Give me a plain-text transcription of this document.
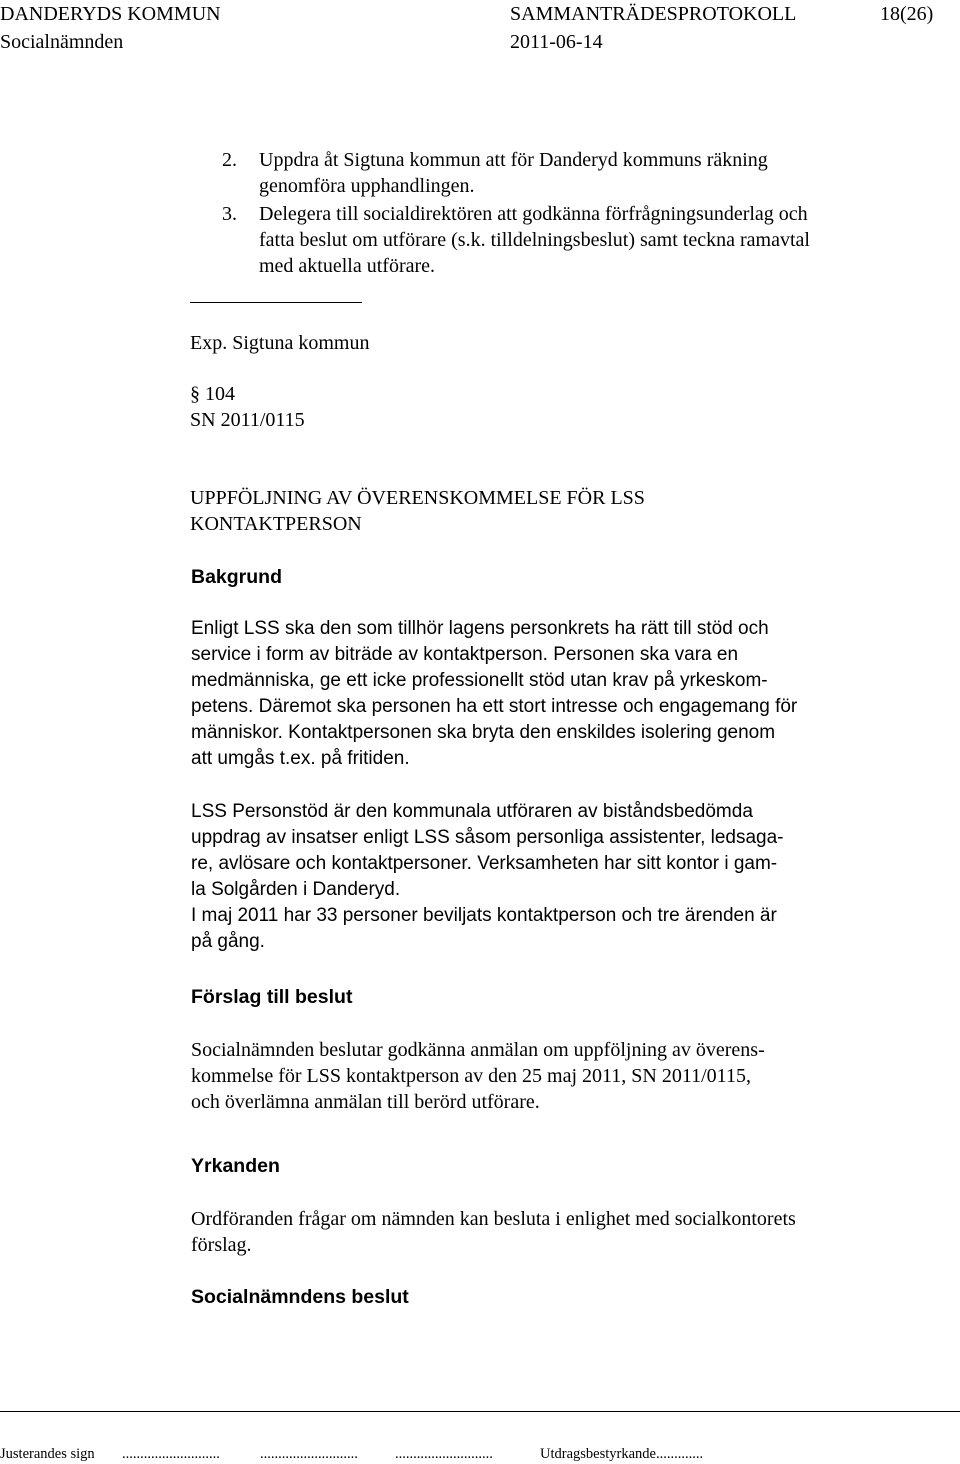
DANDERYDS KOMMUN	SAMMANTRÄDESPROTOKOLL	18(26)
Socialnämnden	2011-06-14
2. Uppdra åt Sigtuna kommun att för Danderyd kommuns räkning
genomföra upphandlingen.
3. Delegera till socialdirektören att godkänna förfrågningsunderlag och
fatta beslut om utförare (s.k. tilldelningsbeslut) samt teckna ramavtal
med aktuella utförare.
Exp. Sigtuna kommun
§ 104
SN 2011/0115
UPPFÖLJNING AV ÖVERENSKOMMELSE FÖR LSS
KONTAKTPERSON
Bakgrund
Enligt LSS ska den som tillhör lagens personkrets ha rätt till stöd och
service i form av biträde av kontaktperson. Personen ska vara en
medmänniska, ge ett icke professionellt stöd utan krav på yrkeskom-
petens. Däremot ska personen ha ett stort intresse och engagemang för
människor. Kontaktpersonen ska bryta den enskildes isolering genom
att umgås t.ex. på fritiden.
LSS Personstöd är den kommunala utföraren av biståndsbedömda
uppdrag av insatser enligt LSS såsom personliga assistenter, ledsaga-
re, avlösare och kontaktpersoner. Verksamheten har sitt kontor i gam-
la Solgården i Danderyd.
I maj 2011 har 33 personer beviljats kontaktperson och tre ärenden är
på gång.
Förslag till beslut
Socialnämnden beslutar godkänna anmälan om uppföljning av överens-
kommelse för LSS kontaktperson av den 25 maj 2011, SN 2011/0115,
och överlämna anmälan till berörd utförare.
Yrkanden
Ordföranden frågar om nämnden kan besluta i enlighet med socialkontorets
förslag.
Socialnämndens beslut
Justerandes sign ...........................	...........................	...........................	Utdragsbestyrkande.............
